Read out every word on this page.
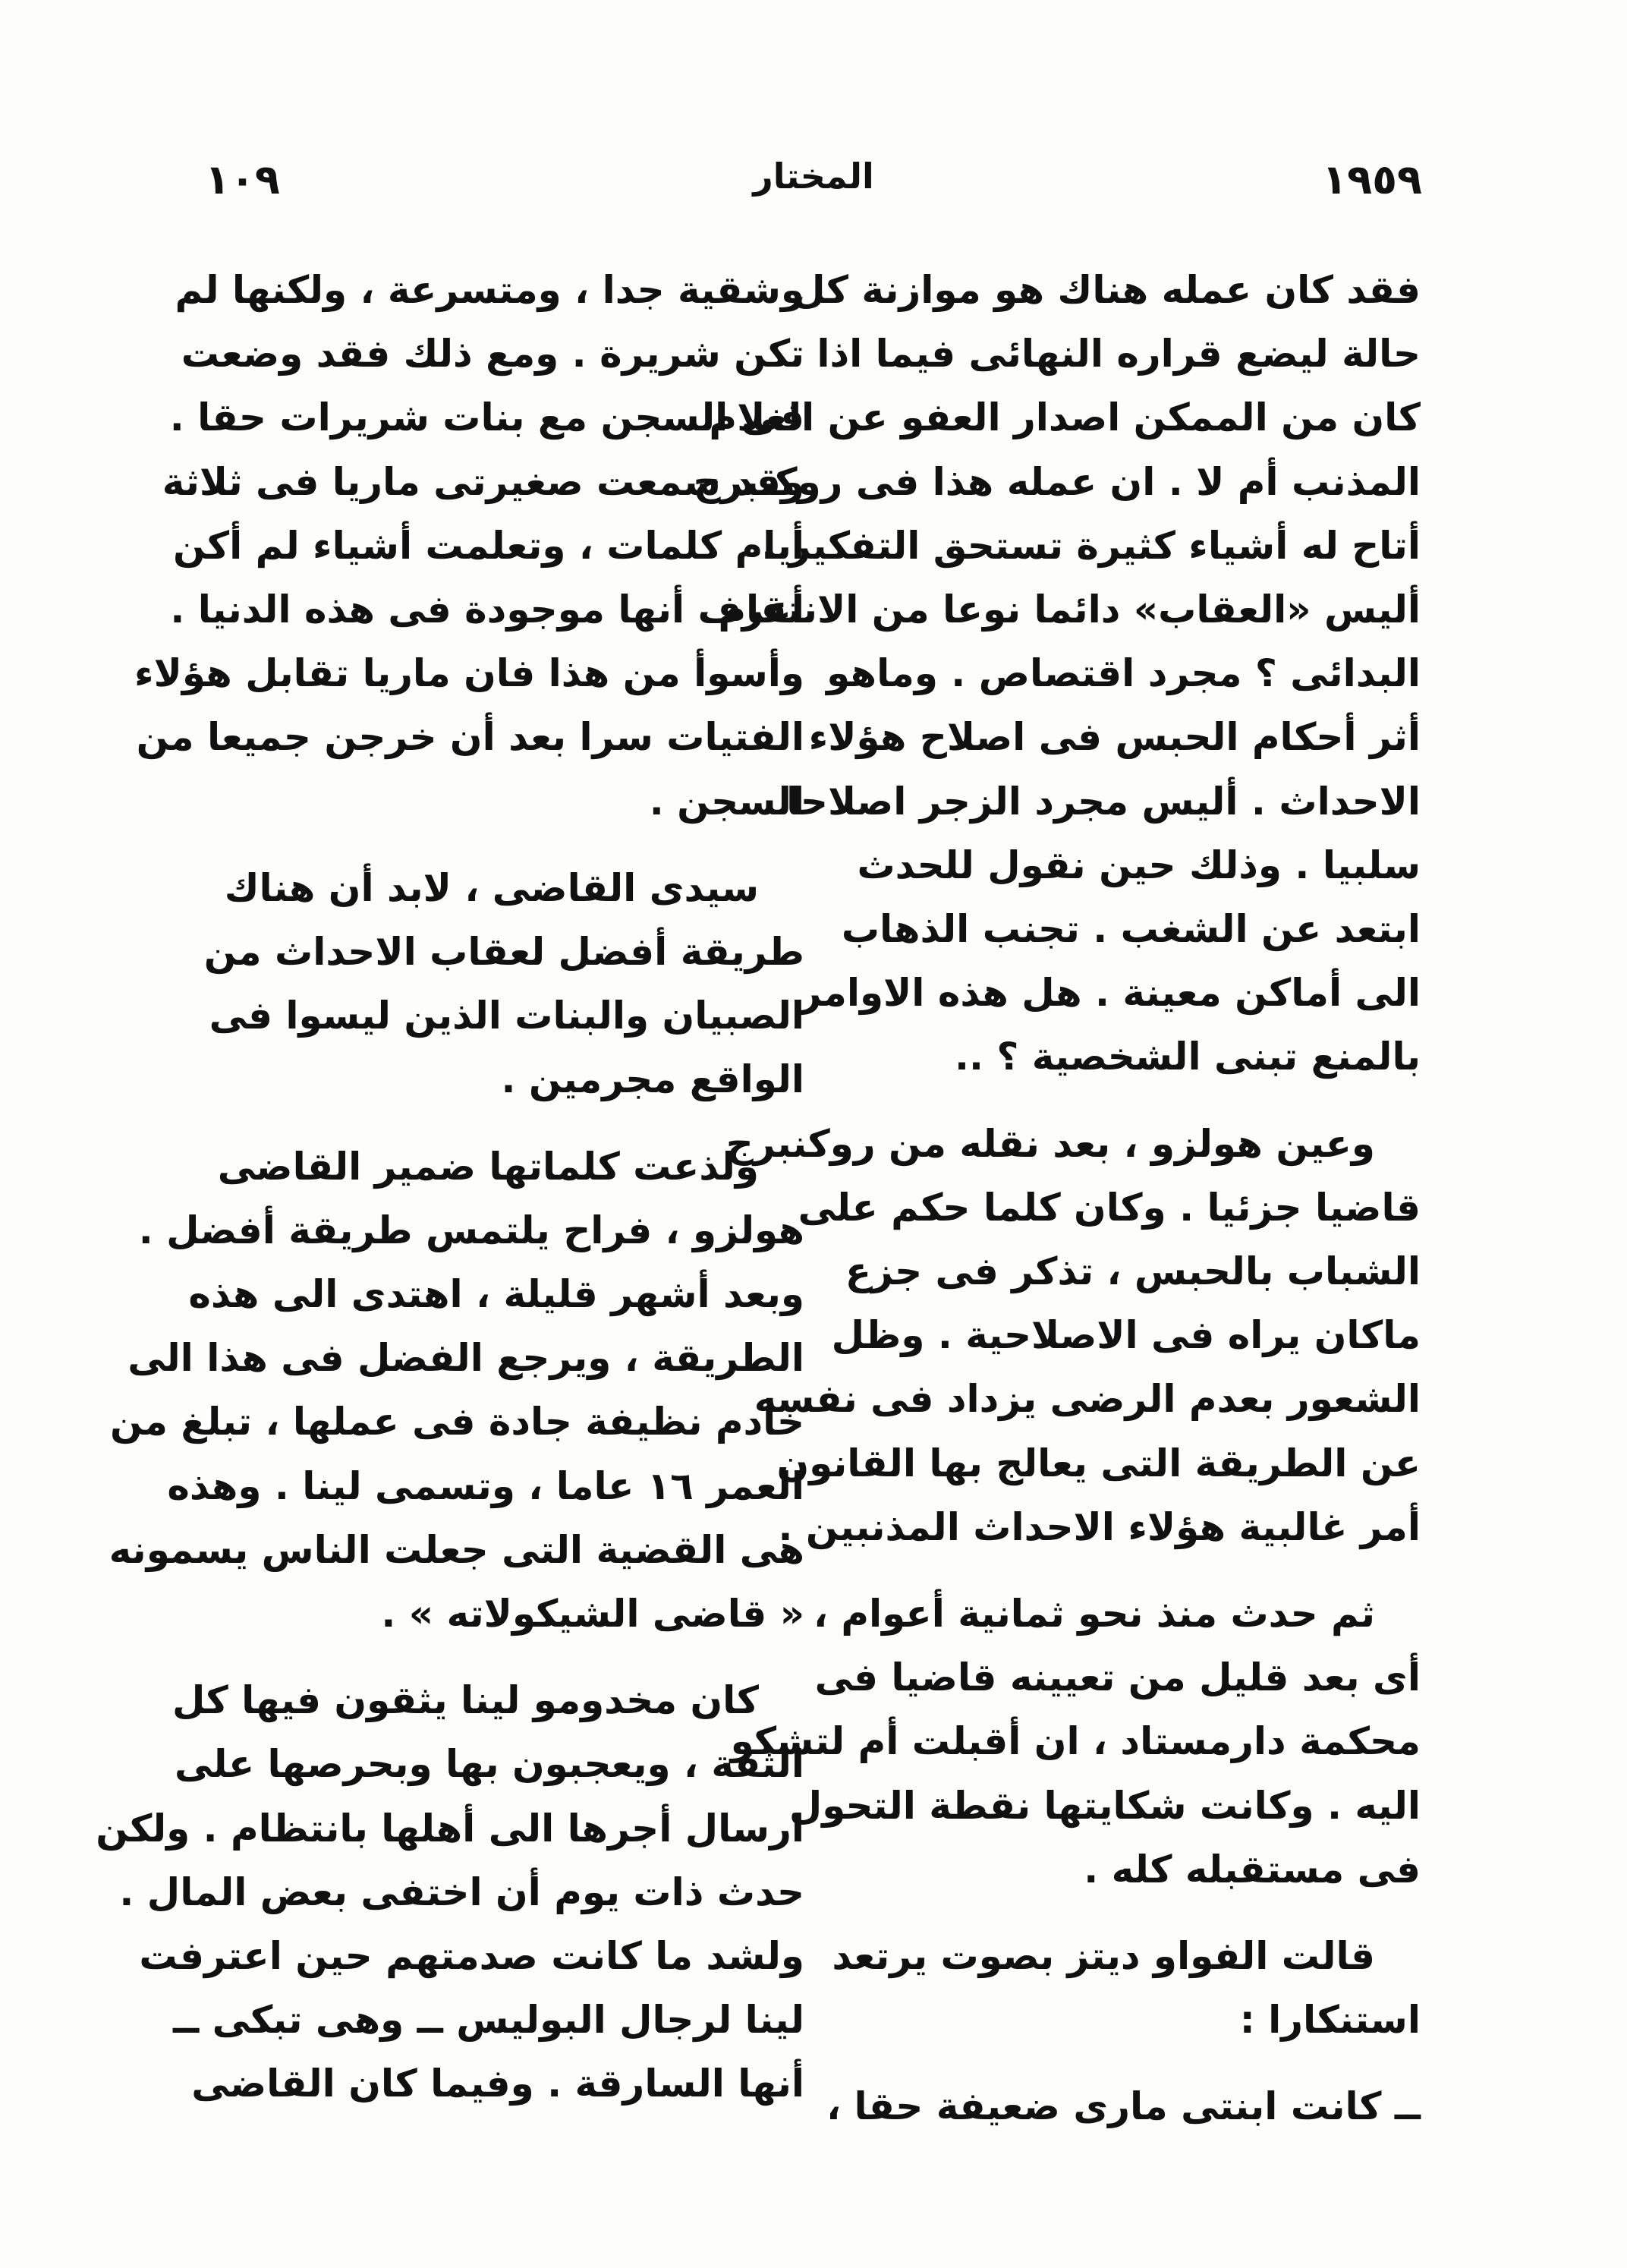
١٩٥٩
المختار
١٠٩
فقد كان عمله هناك هو موازنة كل
حالة ليضع قراره النهائى فيما اذا
كان من الممكن اصدار العفو عن الغلام
المذنب أم لا . ان عمله هذا فى روكنبرج
أتاح له أشياء كثيرة تستحق التفكير .
أليس «العقاب» دائما نوعا من الانتقام
البدائى ؟ مجرد اقتصاص . وماهو
أثر أحكام الحبس فى اصلاح هؤلاء
الاحداث . أليس مجرد الزجر اصلاحا
سلبيا . وذلك حين نقول للحدث
ابتعد عن الشغب . تجنب الذهاب
الى أماكن معينة . هل هذه الاوامر
بالمنع تبنى الشخصية ؟ ..
وعين هولزو ، بعد نقله من روكنبرج
قاضيا جزئيا . وكان كلما حكم على
الشباب بالحبس ، تذكر فى جزع
ماكان يراه فى الاصلاحية . وظل
الشعور بعدم الرضى يزداد فى نفسه
عن الطريقة التى يعالج بها القانون
أمر غالبية هؤلاء الاحداث المذنبين .
ثم حدث منذ نحو ثمانية أعوام ،
أى بعد قليل من تعيينه قاضيا فى
محكمة دارمستاد ، ان أقبلت أم لتشكو
اليه . وكانت شكايتها نقطة التحول
فى مستقبله كله .
قالت الفواو ديتز بصوت يرتعد
استنكارا :
ــ كانت ابنتى مارى ضعيفة حقا ،
وشقية جدا ، ومتسرعة ، ولكنها لم
تكن شريرة . ومع ذلك فقد وضعت
فى السجن مع بنات شريرات حقا .
وقد سمعت صغيرتى ماريا فى ثلاثة
أيام كلمات ، وتعلمت أشياء لم أكن
أعرف أنها موجودة فى هذه الدنيا .
وأسوأ من هذا فان ماريا تقابل هؤلاء
الفتيات سرا بعد أن خرجن جميعا من
السجن .
سيدى القاضى ، لابد أن هناك
طريقة أفضل لعقاب الاحداث من
الصبيان والبنات الذين ليسوا فى
الواقع مجرمين .
ولذعت كلماتها ضمير القاضى
هولزو ، فراح يلتمس طريقة أفضل .
وبعد أشهر قليلة ، اهتدى الى هذه
الطريقة ، ويرجع الفضل فى هذا الى
خادم نظيفة جادة فى عملها ، تبلغ من
العمر ١٦ عاما ، وتسمى لينا . وهذه
هى القضية التى جعلت الناس يسمونه
« قاضى الشيكولاته » .
كان مخدومو لينا يثقون فيها كل
الثقة ، ويعجبون بها وبحرصها على
ارسال أجرها الى أهلها بانتظام . ولكن
حدث ذات يوم أن اختفى بعض المال .
ولشد ما كانت صدمتهم حين اعترفت
لينا لرجال البوليس ــ وهى تبكى ــ
أنها السارقة . وفيما كان القاضى
